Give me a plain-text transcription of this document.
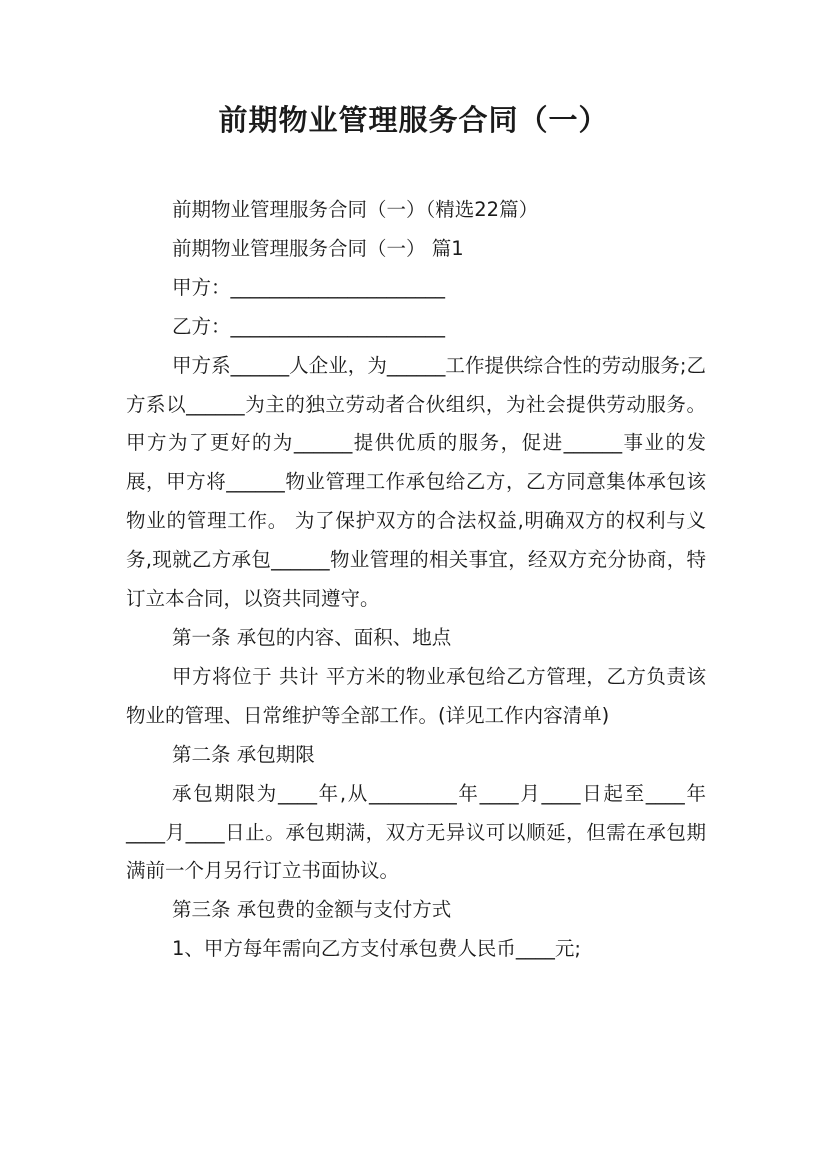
前期物业管理服务合同（一）

前期物业管理服务合同（一）（精选22篇）

前期物业管理服务合同（一） 篇1

甲方：______________________

乙方：______________________

甲方系______人企业，为______工作提供综合性的劳动服务;乙方系以______为主的独立劳动者合伙组织，为社会提供劳动服务。 甲方为了更好的为______提供优质的服务，促进______事业的发展，甲方将______物业管理工作承包给乙方，乙方同意集体承包该物业的管理工作。 为了保护双方的合法权益,明确双方的权利与义务,现就乙方承包______物业管理的相关事宜，经双方充分协商，特订立本合同，以资共同遵守。

第一条 承包的内容、面积、地点

甲方将位于 共计 平方米的物业承包给乙方管理，乙方负责该物业的管理、日常维护等全部工作。(详见工作内容清单)

第二条 承包期限

承包期限为____年,从_________年____月____日起至____年____月____日止。承包期满，双方无异议可以顺延，但需在承包期满前一个月另行订立书面协议。

第三条 承包费的金额与支付方式

1、甲方每年需向乙方支付承包费人民币____元;
